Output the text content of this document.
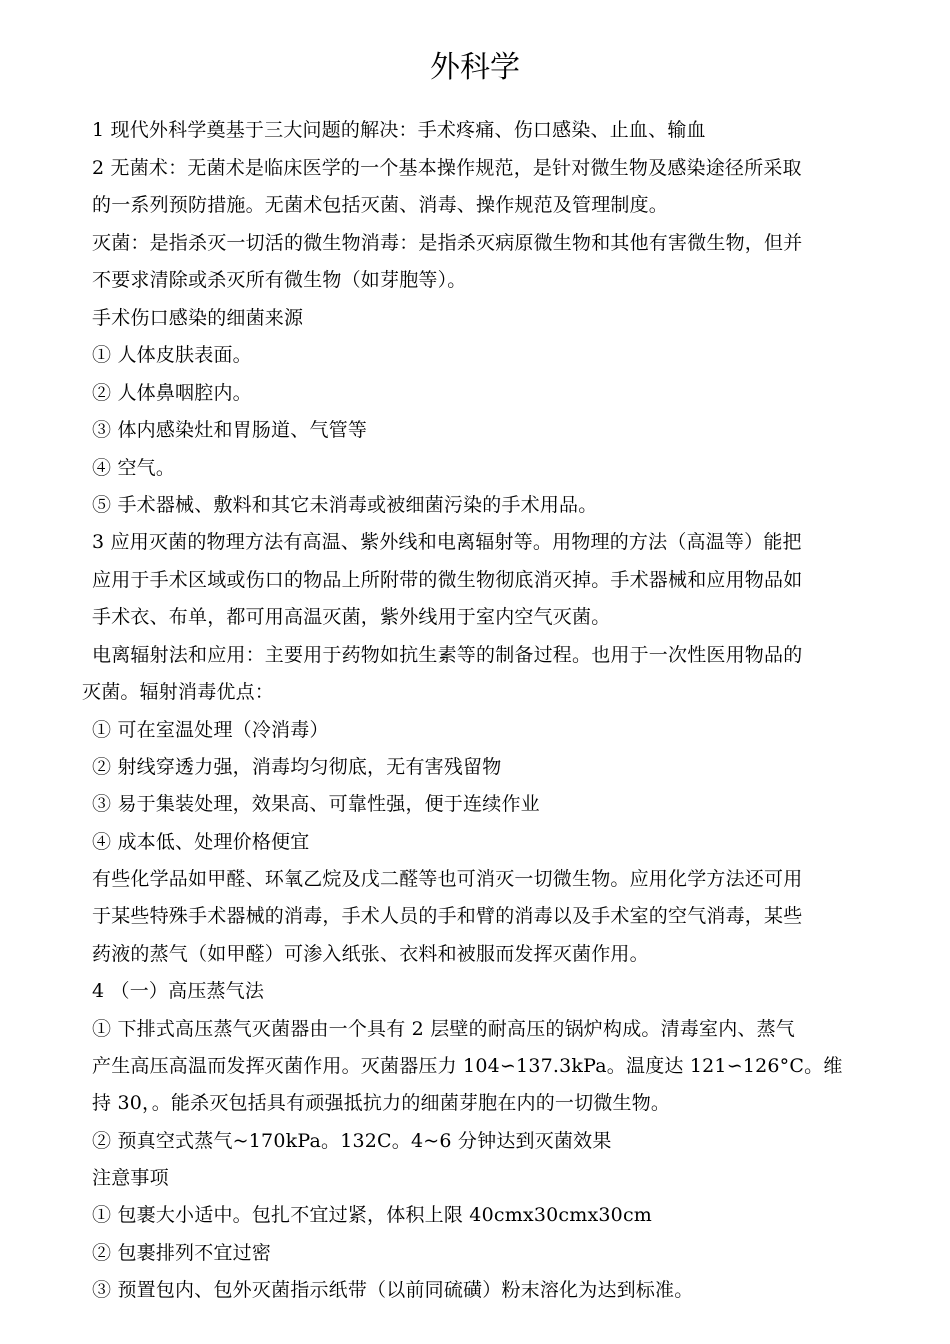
外科学
1 现代外科学奠基于三大问题的解决：手术疼痛、伤口感染、止血、输血
2 无菌术：无菌术是临床医学的一个基本操作规范，是针对微生物及感染途径所采取
的一系列预防措施。无菌术包括灭菌、消毒、操作规范及管理制度。
灭菌：是指杀灭一切活的微生物消毒：是指杀灭病原微生物和其他有害微生物，但并
不要求清除或杀灭所有微生物（如芽胞等）。
手术伤口感染的细菌来源
① 人体皮肤表面。
② 人体鼻咽腔内。
③ 体内感染灶和胃肠道、气管等
④ 空气。
⑤ 手术器械、敷料和其它未消毒或被细菌污染的手术用品。
3 应用灭菌的物理方法有高温、紫外线和电离辐射等。用物理的方法（高温等）能把
应用于手术区域或伤口的物品上所附带的微生物彻底消灭掉。手术器械和应用物品如
手术衣、布单，都可用高温灭菌，紫外线用于室内空气灭菌。
电离辐射法和应用：主要用于药物如抗生素等的制备过程。也用于一次性医用物品的
灭菌。辐射消毒优点：
① 可在室温处理（冷消毒）
② 射线穿透力强，消毒均匀彻底，无有害残留物
③ 易于集装处理，效果高、可靠性强，便于连续作业
④ 成本低、处理价格便宜
有些化学品如甲醛、环氧乙烷及戊二醛等也可消灭一切微生物。应用化学方法还可用
于某些特殊手术器械的消毒，手术人员的手和臂的消毒以及手术室的空气消毒，某些
药液的蒸气（如甲醛）可渗入纸张、衣料和被服而发挥灭菌作用。
4 （一）高压蒸气法
① 下排式高压蒸气灭菌器由一个具有 2 层壁的耐高压的锅炉构成。清毒室内、蒸气
产生高压高温而发挥灭菌作用。灭菌器压力 104∽137.3kPa。温度达 121∽126°C。维
持 30，。能杀灭包括具有顽强抵抗力的细菌芽胞在内的一切微生物。
② 预真空式蒸气~170kPa。132C。4~6 分钟达到灭菌效果
注意事项
① 包裹大小适中。包扎不宜过紧，体积上限 40cmx30cmx30cm
② 包裹排列不宜过密
③ 预置包内、包外灭菌指示纸带（以前同硫磺）粉末溶化为达到标准。
